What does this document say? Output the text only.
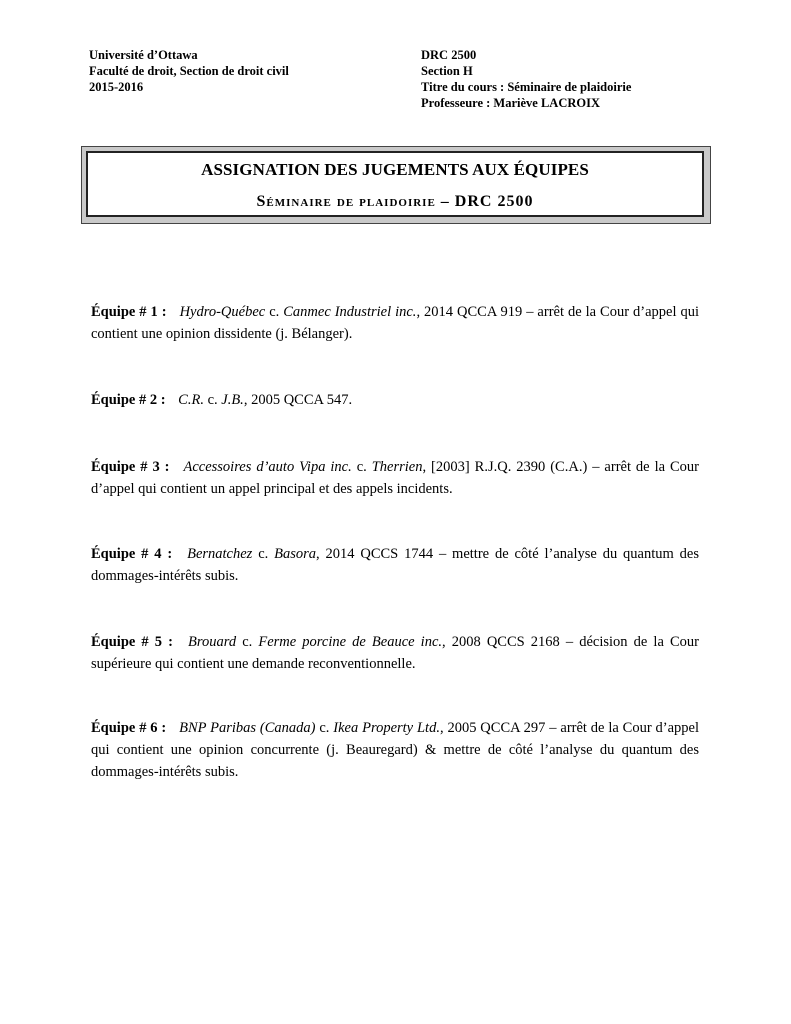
Université d’Ottawa
Faculté de droit, Section de droit civil
2015-2016
DRC 2500
Section H
Titre du cours : Séminaire de plaidoirie
Professeure : Mariève LACROIX
ASSIGNATION DES JUGEMENTS AUX ÉQUIPES
Séminaire de plaidoirie – DRC 2500

Équipe # 1 : Hydro-Québec c. Canmec Industriel inc., 2014 QCCA 919 – arrêt de la Cour d’appel qui contient une opinion dissidente (j. Bélanger).

Équipe # 2 : C.R. c. J.B., 2005 QCCA 547.

Équipe # 3 : Accessoires d’auto Vipa inc. c. Therrien, [2003] R.J.Q. 2390 (C.A.) – arrêt de la Cour d’appel qui contient un appel principal et des appels incidents.

Équipe # 4 : Bernatchez c. Basora, 2014 QCCS 1744 – mettre de côté l’analyse du quantum des dommages-intérêts subis.

Équipe # 5 : Brouard c. Ferme porcine de Beauce inc., 2008 QCCS 2168 – décision de la Cour supérieure qui contient une demande reconventionnelle.

Équipe # 6 : BNP Paribas (Canada) c. Ikea Property Ltd., 2005 QCCA 297 – arrêt de la Cour d’appel qui contient une opinion concurrente (j. Beauregard) & mettre de côté l’analyse du quantum des dommages-intérêts subis.
